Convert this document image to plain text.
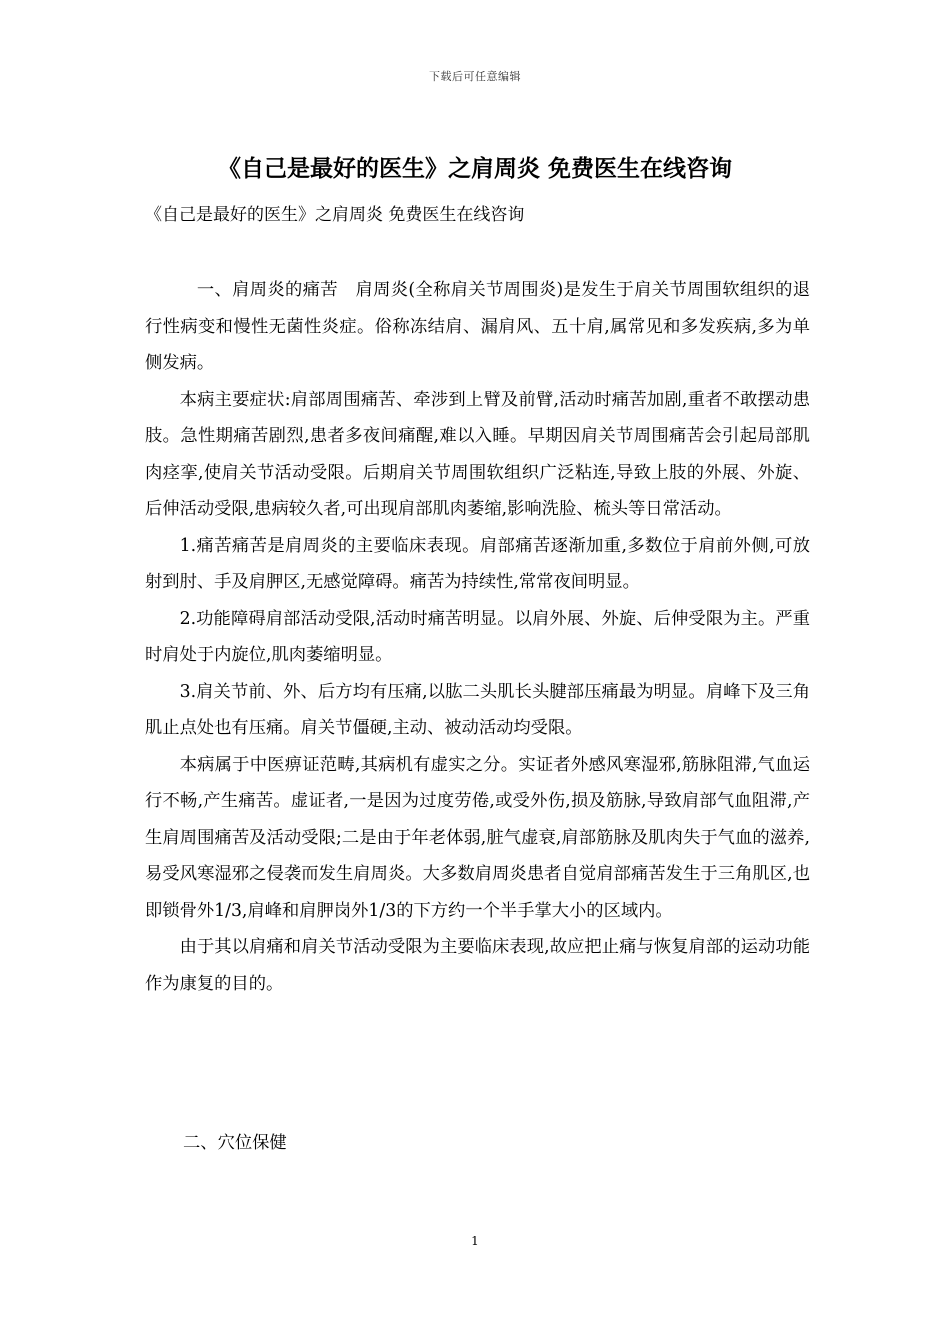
下载后可任意编辑
《自己是最好的医生》之肩周炎 免费医生在线咨询

《自己是最好的医生》之肩周炎 免费医生在线咨询

一、肩周炎的痛苦　肩周炎(全称肩关节周围炎)是发生于肩关节周围软组织的退行性病变和慢性无菌性炎症。俗称冻结肩、漏肩风、五十肩,属常见和多发疾病,多为单侧发病。

本病主要症状:肩部周围痛苦、牵涉到上臂及前臂,活动时痛苦加剧,重者不敢摆动患肢。急性期痛苦剧烈,患者多夜间痛醒,难以入睡。早期因肩关节周围痛苦会引起局部肌肉痉挛,使肩关节活动受限。后期肩关节周围软组织广泛粘连,导致上肢的外展、外旋、后伸活动受限,患病较久者,可出现肩部肌肉萎缩,影响洗脸、梳头等日常活动。

1.痛苦痛苦是肩周炎的主要临床表现。肩部痛苦逐渐加重,多数位于肩前外侧,可放射到肘、手及肩胛区,无感觉障碍。痛苦为持续性,常常夜间明显。

2.功能障碍肩部活动受限,活动时痛苦明显。以肩外展、外旋、后伸受限为主。严重时肩处于内旋位,肌肉萎缩明显。

3.肩关节前、外、后方均有压痛,以肱二头肌长头腱部压痛最为明显。肩峰下及三角肌止点处也有压痛。肩关节僵硬,主动、被动活动均受限。

本病属于中医痹证范畴,其病机有虚实之分。实证者外感风寒湿邪,筋脉阻滞,气血运行不畅,产生痛苦。虚证者,一是因为过度劳倦,或受外伤,损及筋脉,导致肩部气血阻滞,产生肩周围痛苦及活动受限;二是由于年老体弱,脏气虚衰,肩部筋脉及肌肉失于气血的滋养,易受风寒湿邪之侵袭而发生肩周炎。大多数肩周炎患者自觉肩部痛苦发生于三角肌区,也即锁骨外1/3,肩峰和肩胛岗外1/3的下方约一个半手掌大小的区域内。

由于其以肩痛和肩关节活动受限为主要临床表现,故应把止痛与恢复肩部的运动功能作为康复的目的。

二、穴位保健

1
